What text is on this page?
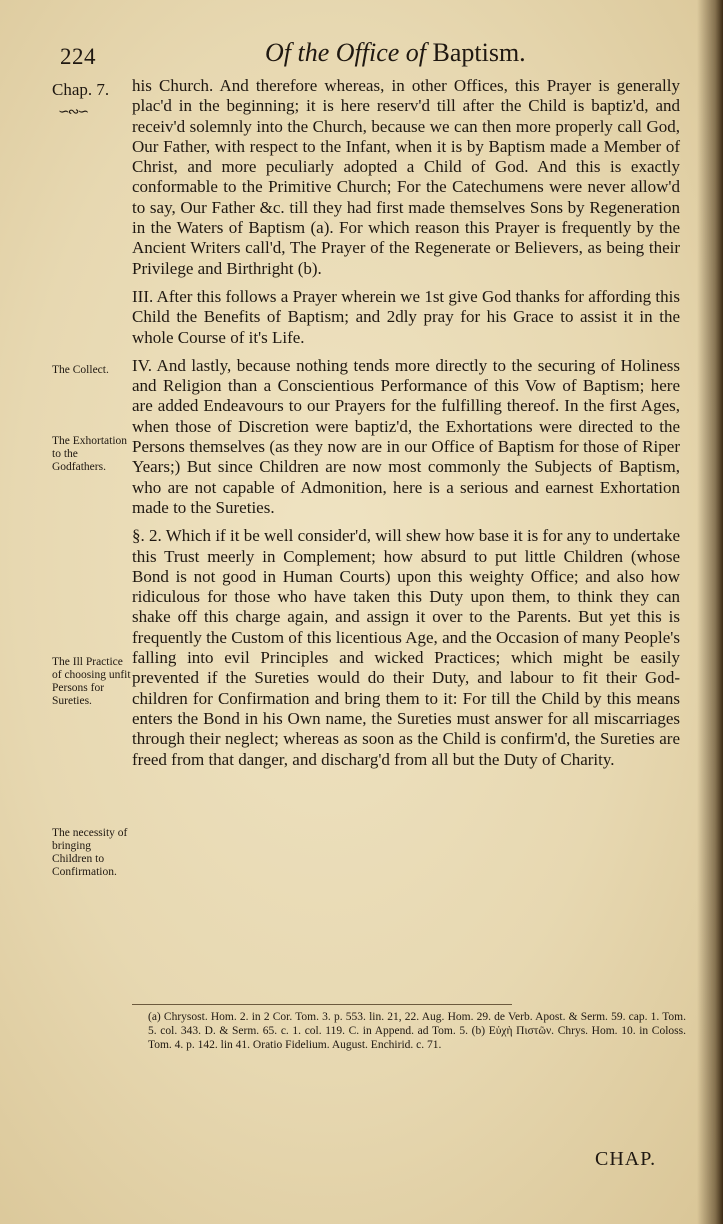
224	Of the Office of Baptism.
Chap. 7.
∽∾∽
The Collect.
The Exhortation to the Godfathers.
The Ill Practice of choosing unfit Persons for Sureties.
The necessity of bringing Children to Confirmation.

his Church. And therefore whereas, in other Offices, this Prayer is generally plac'd in the beginning; it is here reserv'd till after the Child is baptiz'd, and receiv'd solemnly into the Church, because we can then more properly call God, Our Father, with respect to the Infant, when it is by Baptism made a Member of Christ, and more peculiarly adopted a Child of God. And this is exactly conformable to the Primitive Church; For the Catechumens were never allow'd to say, Our Father &c. till they had first made themselves Sons by Regeneration in the Waters of Baptism (a). For which reason this Prayer is frequently by the Ancient Writers call'd, The Prayer of the Regenerate or Believers, as being their Privilege and Birthright (b).

III. After this follows a Prayer wherein we 1st give God thanks for affording this Child the Benefits of Baptism; and 2dly pray for his Grace to assist it in the whole Course of it's Life.

IV. And lastly, because nothing tends more directly to the securing of Holiness and Religion than a Conscientious Performance of this Vow of Baptism; here are added Endeavours to our Prayers for the fulfilling thereof. In the first Ages, when those of Discretion were baptiz'd, the Exhortations were directed to the Persons themselves (as they now are in our Office of Baptism for those of Riper Years;) But since Children are now most commonly the Subjects of Baptism, who are not capable of Admonition, here is a serious and earnest Exhortation made to the Sureties.

§. 2. Which if it be well consider'd, will shew how base it is for any to undertake this Trust meerly in Complement; how absurd to put little Children (whose Bond is not good in Human Courts) upon this weighty Office; and also how ridiculous for those who have taken this Duty upon them, to think they can shake off this charge again, and assign it over to the Parents. But yet this is frequently the Custom of this licentious Age, and the Occasion of many People's falling into evil Principles and wicked Practices; which might be easily prevented if the Sureties would do their Duty, and labour to fit their God-children for Confirmation and bring them to it: For till the Child by this means enters the Bond in his Own name, the Sureties must answer for all miscarriages through their neglect; whereas as soon as the Child is confirm'd, the Sureties are freed from that danger, and discharg'd from all but the Duty of Charity.

(a) Chrysost. Hom. 2. in 2 Cor. Tom. 3. p. 553. lin. 21, 22. Aug. Hom. 29. de Verb. Apost. & Serm. 59. cap. 1. Tom. 5. col. 343. D. & Serm. 65. c. 1. col. 119. C. in Append. ad Tom. 5. (b) Εὐχὴ Πιστῶν. Chrys. Hom. 10. in Coloss. Tom. 4. p. 142. lin 41. Oratio Fidelium. August. Enchirid. c. 71.
CHAP.
